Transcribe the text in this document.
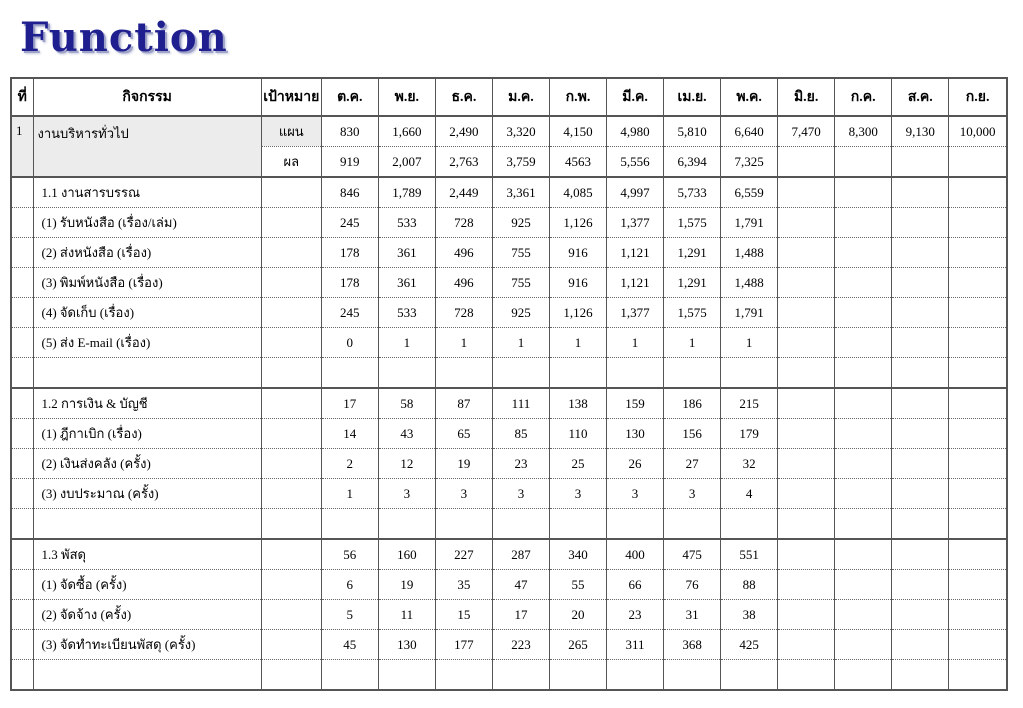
Function
ที่	กิจกรรม	เป้าหมาย	ต.ค.	พ.ย.	ธ.ค.	ม.ค.	ก.พ.	มี.ค.	เม.ย.	พ.ค.	มิ.ย.	ก.ค.	ส.ค.	ก.ย.
1	งานบริหารทั่วไป	แผน	830	1,660	2,490	3,320	4,150	4,980	5,810	6,640	7,470	8,300	9,130	10,000
		ผล	919	2,007	2,763	3,759	4563	5,556	6,394	7,325				
	1.1 งานสารบรรณ		846	1,789	2,449	3,361	4,085	4,997	5,733	6,559				
	(1) รับหนังสือ (เรื่อง/เล่ม)		245	533	728	925	1,126	1,377	1,575	1,791				
	(2) ส่งหนังสือ (เรื่อง)		178	361	496	755	916	1,121	1,291	1,488				
	(3) พิมพ์หนังสือ (เรื่อง)		178	361	496	755	916	1,121	1,291	1,488				
	(4) จัดเก็บ (เรื่อง)		245	533	728	925	1,126	1,377	1,575	1,791				
	(5) ส่ง E-mail (เรื่อง)		0	1	1	1	1	1	1	1				

	1.2 การเงิน & บัญชี		17	58	87	111	138	159	186	215				
	(1) ฎีกาเบิก (เรื่อง)		14	43	65	85	110	130	156	179				
	(2) เงินส่งคลัง (ครั้ง)		2	12	19	23	25	26	27	32				
	(3) งบประมาณ (ครั้ง)		1	3	3	3	3	3	3	4				

	1.3 พัสดุ		56	160	227	287	340	400	475	551				
	(1) จัดซื้อ (ครั้ง)		6	19	35	47	55	66	76	88				
	(2) จัดจ้าง (ครั้ง)		5	11	15	17	20	23	31	38				
	(3) จัดทำทะเบียนพัสดุ (ครั้ง)		45	130	177	223	265	311	368	425				
